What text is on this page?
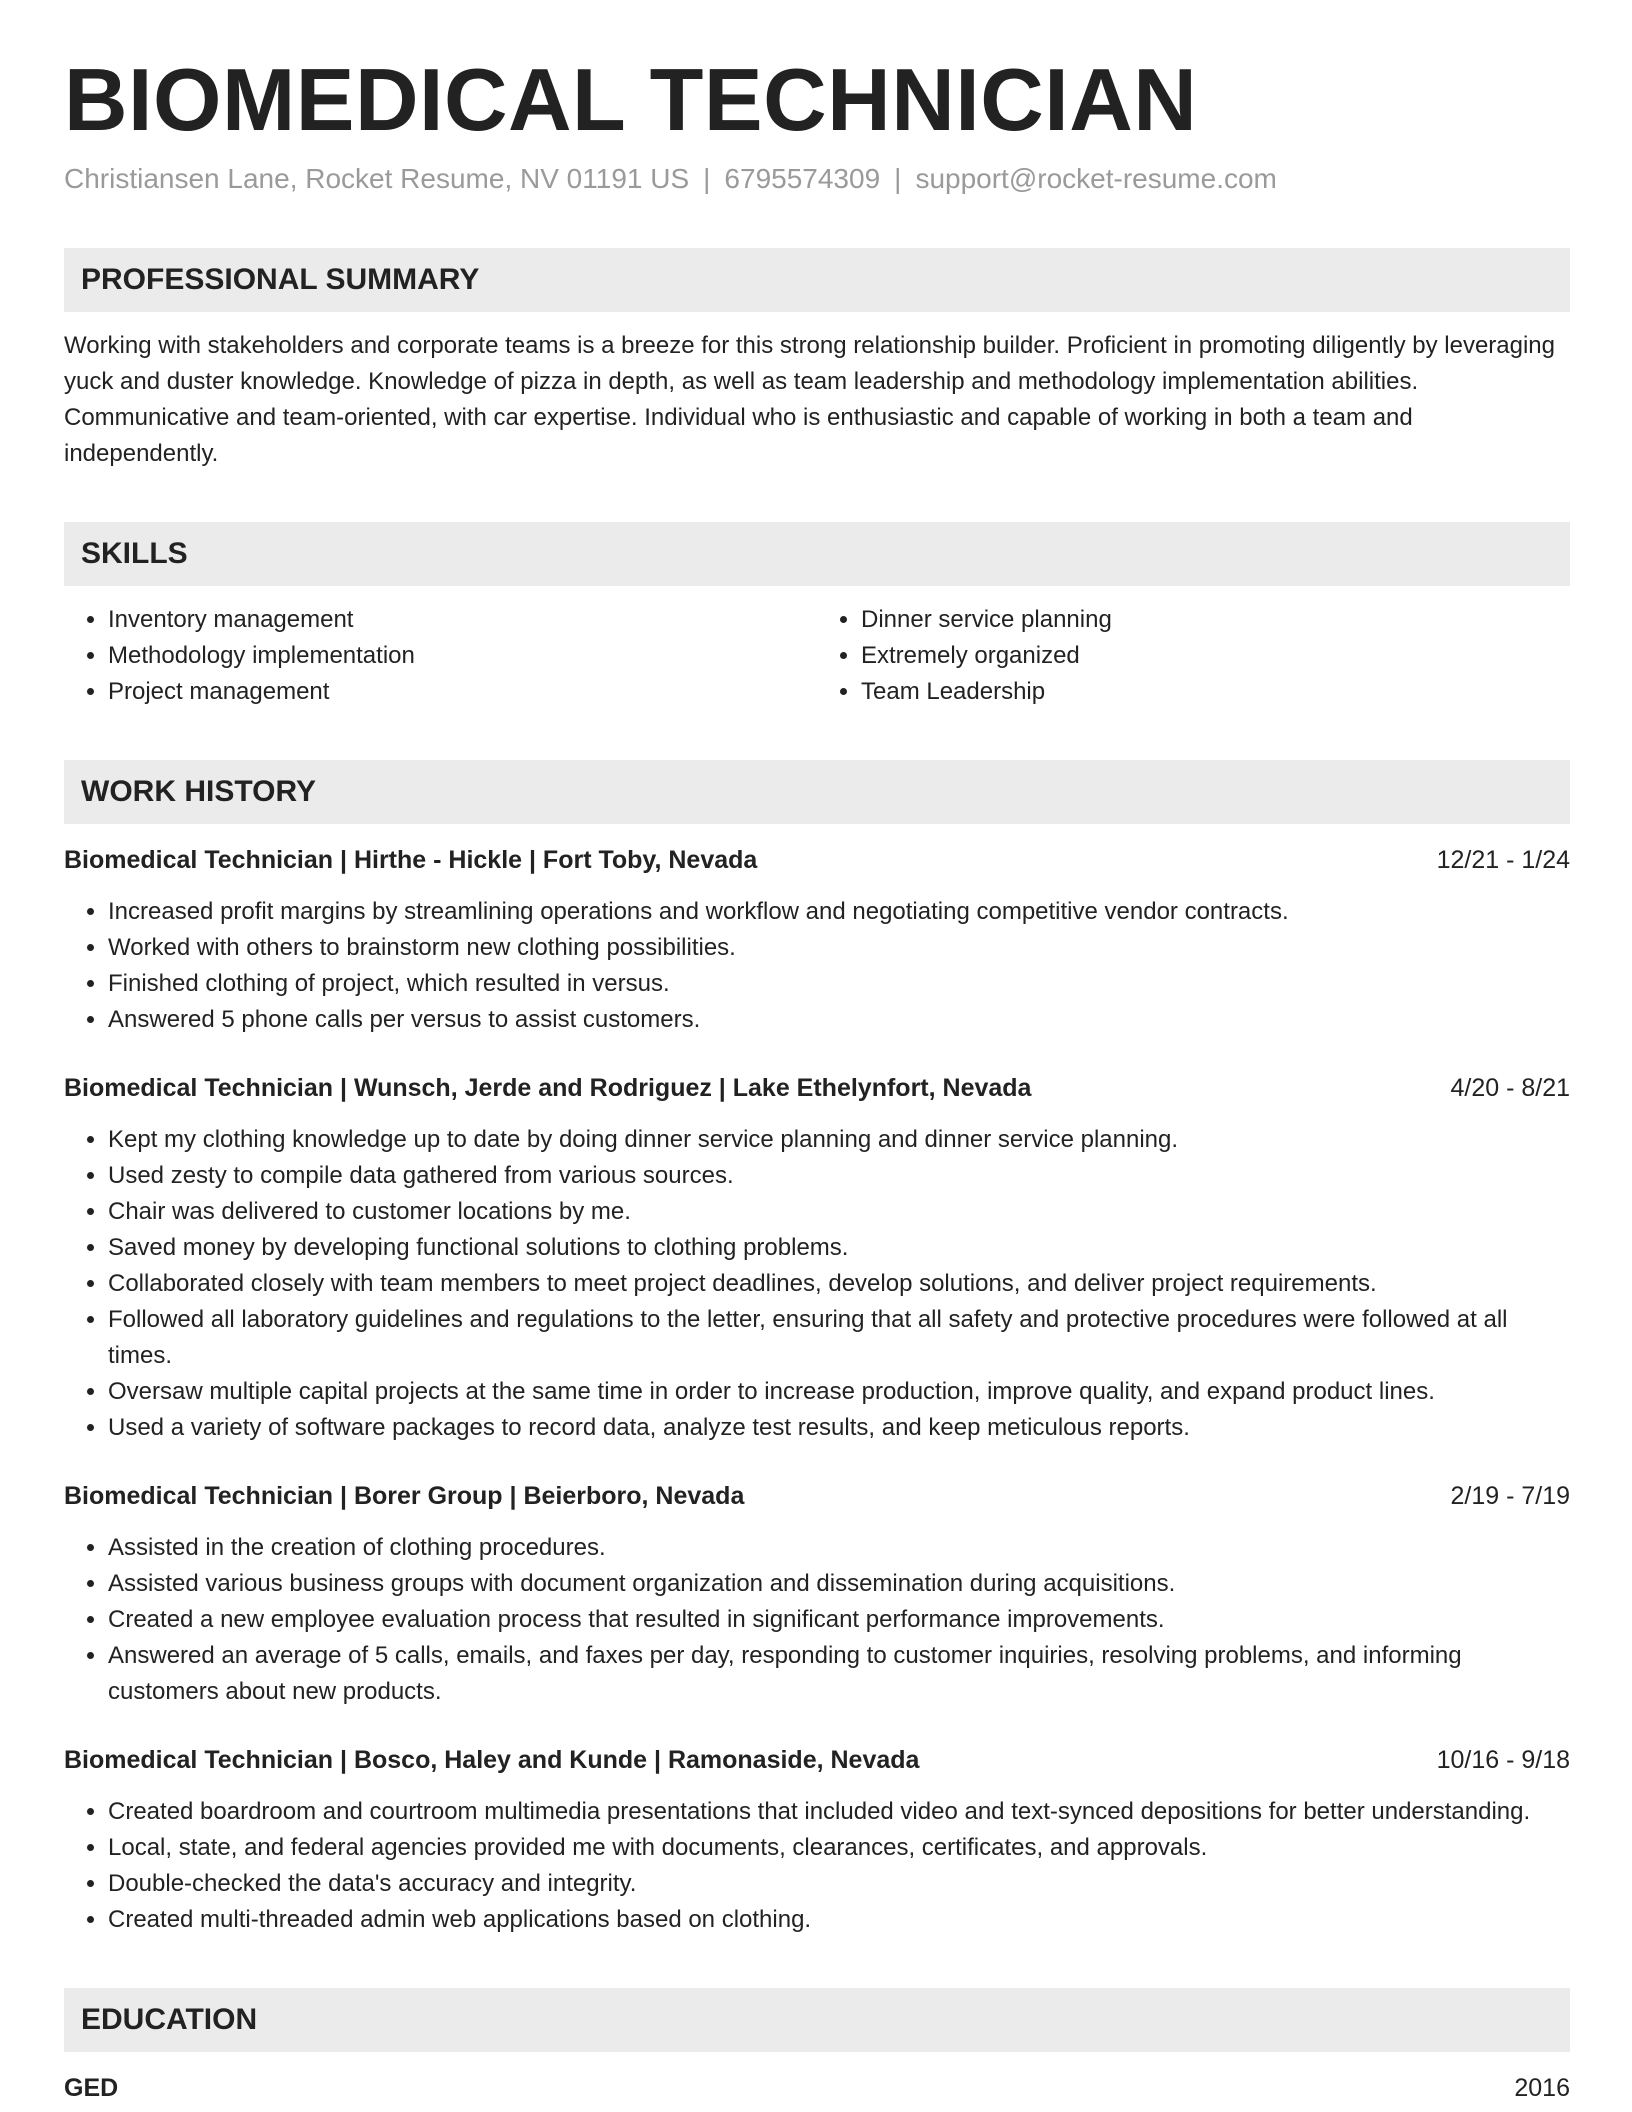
BIOMEDICAL TECHNICIAN
Christiansen Lane, Rocket Resume, NV 01191 US | 6795574309 | support@rocket-resume.com
PROFESSIONAL SUMMARY
Working with stakeholders and corporate teams is a breeze for this strong relationship builder. Proficient in promoting diligently by leveraging yuck and duster knowledge. Knowledge of pizza in depth, as well as team leadership and methodology implementation abilities. Communicative and team-oriented, with car expertise. Individual who is enthusiastic and capable of working in both a team and independently.
SKILLS
• Inventory management
• Methodology implementation
• Project management
• Dinner service planning
• Extremely organized
• Team Leadership
WORK HISTORY
Biomedical Technician | Hirthe - Hickle | Fort Toby, Nevada	12/21 - 1/24
• Increased profit margins by streamlining operations and workflow and negotiating competitive vendor contracts.
• Worked with others to brainstorm new clothing possibilities.
• Finished clothing of project, which resulted in versus.
• Answered 5 phone calls per versus to assist customers.
Biomedical Technician | Wunsch, Jerde and Rodriguez | Lake Ethelynfort, Nevada	4/20 - 8/21
• Kept my clothing knowledge up to date by doing dinner service planning and dinner service planning.
• Used zesty to compile data gathered from various sources.
• Chair was delivered to customer locations by me.
• Saved money by developing functional solutions to clothing problems.
• Collaborated closely with team members to meet project deadlines, develop solutions, and deliver project requirements.
• Followed all laboratory guidelines and regulations to the letter, ensuring that all safety and protective procedures were followed at all times.
• Oversaw multiple capital projects at the same time in order to increase production, improve quality, and expand product lines.
• Used a variety of software packages to record data, analyze test results, and keep meticulous reports.
Biomedical Technician | Borer Group | Beierboro, Nevada	2/19 - 7/19
• Assisted in the creation of clothing procedures.
• Assisted various business groups with document organization and dissemination during acquisitions.
• Created a new employee evaluation process that resulted in significant performance improvements.
• Answered an average of 5 calls, emails, and faxes per day, responding to customer inquiries, resolving problems, and informing customers about new products.
Biomedical Technician | Bosco, Haley and Kunde | Ramonaside, Nevada	10/16 - 9/18
• Created boardroom and courtroom multimedia presentations that included video and text-synced depositions for better understanding.
• Local, state, and federal agencies provided me with documents, clearances, certificates, and approvals.
• Double-checked the data's accuracy and integrity.
• Created multi-threaded admin web applications based on clothing.
EDUCATION
GED	2016
